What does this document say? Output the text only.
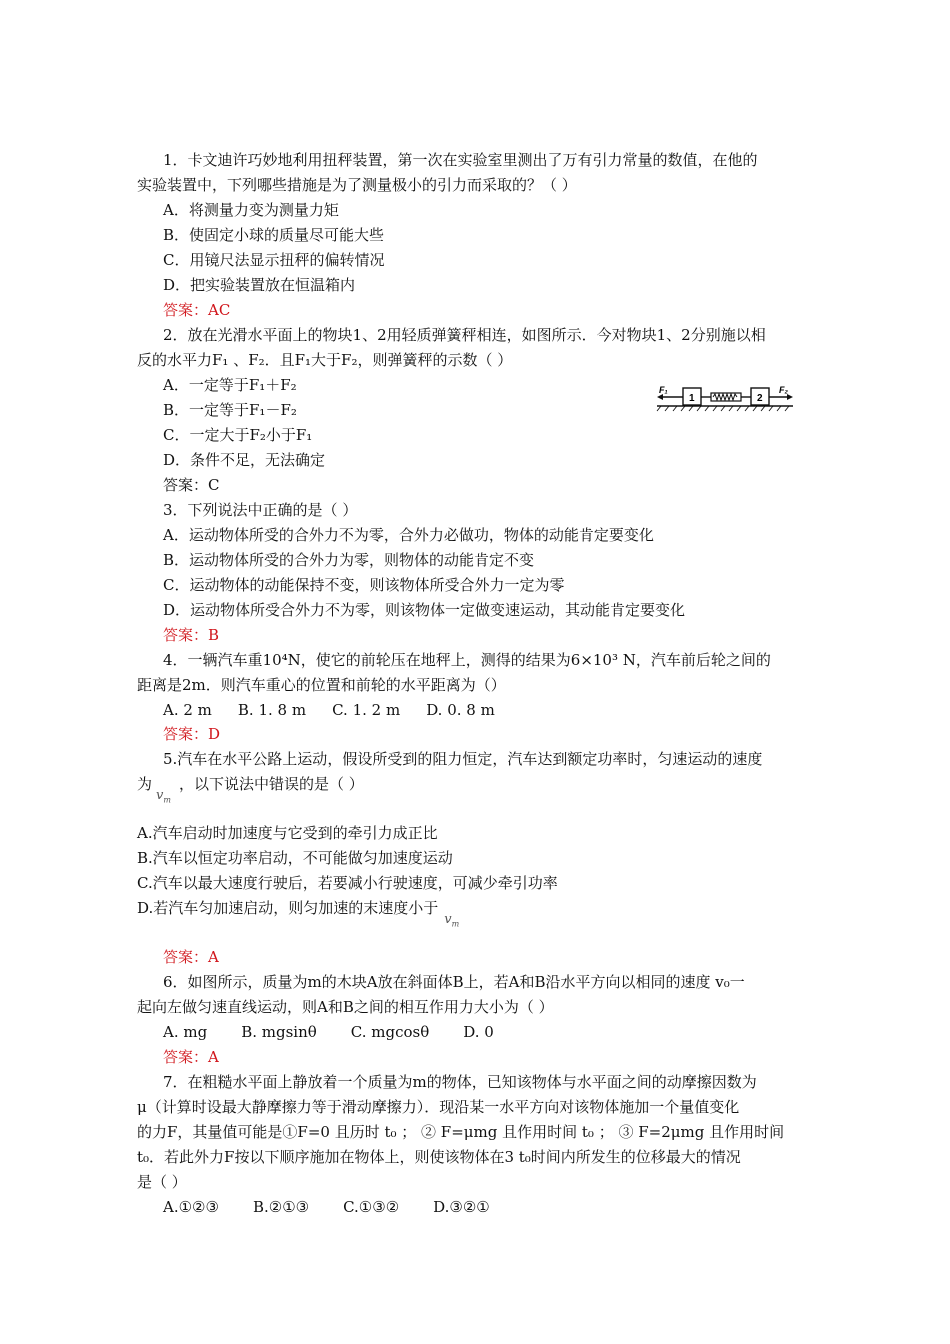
1．卡文迪许巧妙地利用扭秤装置，第一次在实验室里测出了万有引力常量的数值，在他的
实验装置中，下列哪些措施是为了测量极小的引力而采取的？（ ）
A．将测量力变为测量力矩
B．使固定小球的质量尽可能大些
C．用镜尺法显示扭秤的偏转情况
D．把实验装置放在恒温箱内
答案：AC
2．放在光滑水平面上的物块1、2用轻质弹簧秤相连，如图所示．今对物块1、2分别施以相
反的水平力F₁ 、F₂．且F₁大于F₂，则弹簧秤的示数（ ）
A．一定等于F₁＋F₂
B．一定等于F₁－F₂
C．一定大于F₂小于F₁
D．条件不足，无法确定
答案：C
F₁
1	2
F₂
3．下列说法中正确的是（ ）
A．运动物体所受的合外力不为零，合外力必做功，物体的动能肯定要变化
B．运动物体所受的合外力为零，则物体的动能肯定不变
C．运动物体的动能保持不变，则该物体所受合外力一定为零
D．运动物体所受合外力不为零，则该物体一定做变速运动，其动能肯定要变化
答案：B
4．一辆汽车重10⁴N，使它的前轮压在地秤上，测得的结果为6×10³ N，汽车前后轮之间的
距离是2m．则汽车重心的位置和前轮的水平距离为（）
A. 2 m B. 1. 8 m C. 1. 2 m D. 0. 8 m
答案：D
5.汽车在水平公路上运动，假设所受到的阻力恒定，汽车达到额定功率时，匀速运动的速度
为$v_m$，以下说法中错误的是（ ）
A.汽车启动时加速度与它受到的牵引力成正比
B.汽车以恒定功率启动，不可能做匀加速度运动
C.汽车以最大速度行驶后，若要减小行驶速度，可减少牵引功率
D.若汽车匀加速启动，则匀加速的末速度小于$v_m$
答案：A
6．如图所示，质量为m的木块A放在斜面体B上，若A和B沿水平方向以相同的速度 v₀一
起向左做匀速直线运动，则A和B之间的相互作用力大小为（ ）
A. mg B. mgsinθ C. mgcosθ D. 0
答案：A
7．在粗糙水平面上静放着一个质量为m的物体，已知该物体与水平面之间的动摩擦因数为
μ（计算时设最大静摩擦力等于滑动摩擦力）．现沿某一水平方向对该物体施加一个量值变化
的力F，其量值可能是①F=0 且历时 t₀ ； ② F=μmg 且作用时间 t₀ ； ③ F=2μmg 且作用时间
t₀．若此外力F按以下顺序施加在物体上，则使该物体在3 t₀时间内所发生的位移最大的情况
是（ ）
A.①②③ B.②①③ C.①③② D.③②①
